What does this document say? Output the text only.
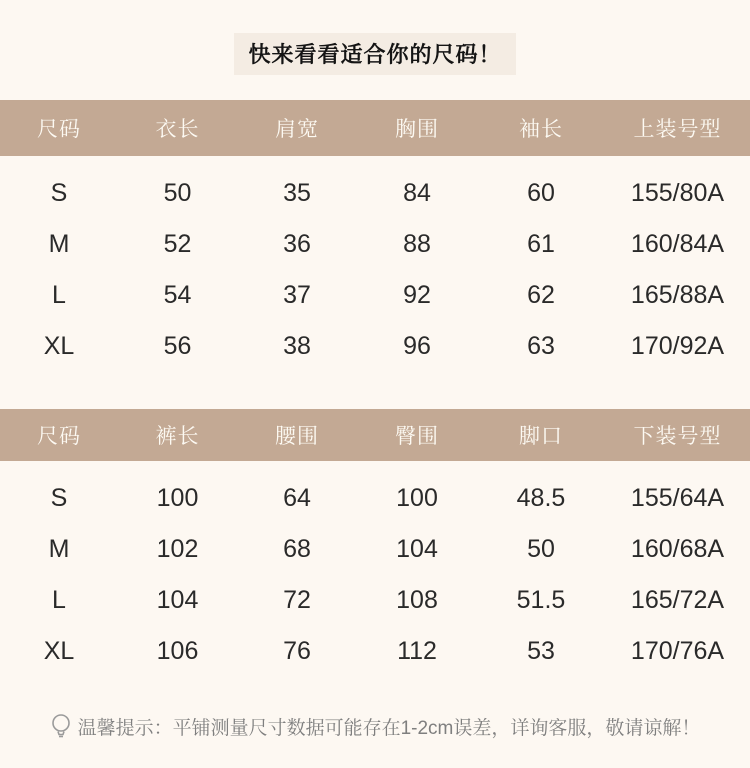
快来看看适合你的尺码！
尺码	衣长	肩宽	胸围	袖长	上装号型
S	50	35	84	60	155/80A
M	52	36	88	61	160/84A
L	54	37	92	62	165/88A
XL	56	38	96	63	170/92A
尺码	裤长	腰围	臀围	脚口	下装号型
S	100	64	100	48.5	155/64A
M	102	68	104	50	160/68A
L	104	72	108	51.5	165/72A
XL	106	76	112	53	170/76A
温馨提示：平铺测量尺寸数据可能存在1-2cm误差，详询客服，敬请谅解！
